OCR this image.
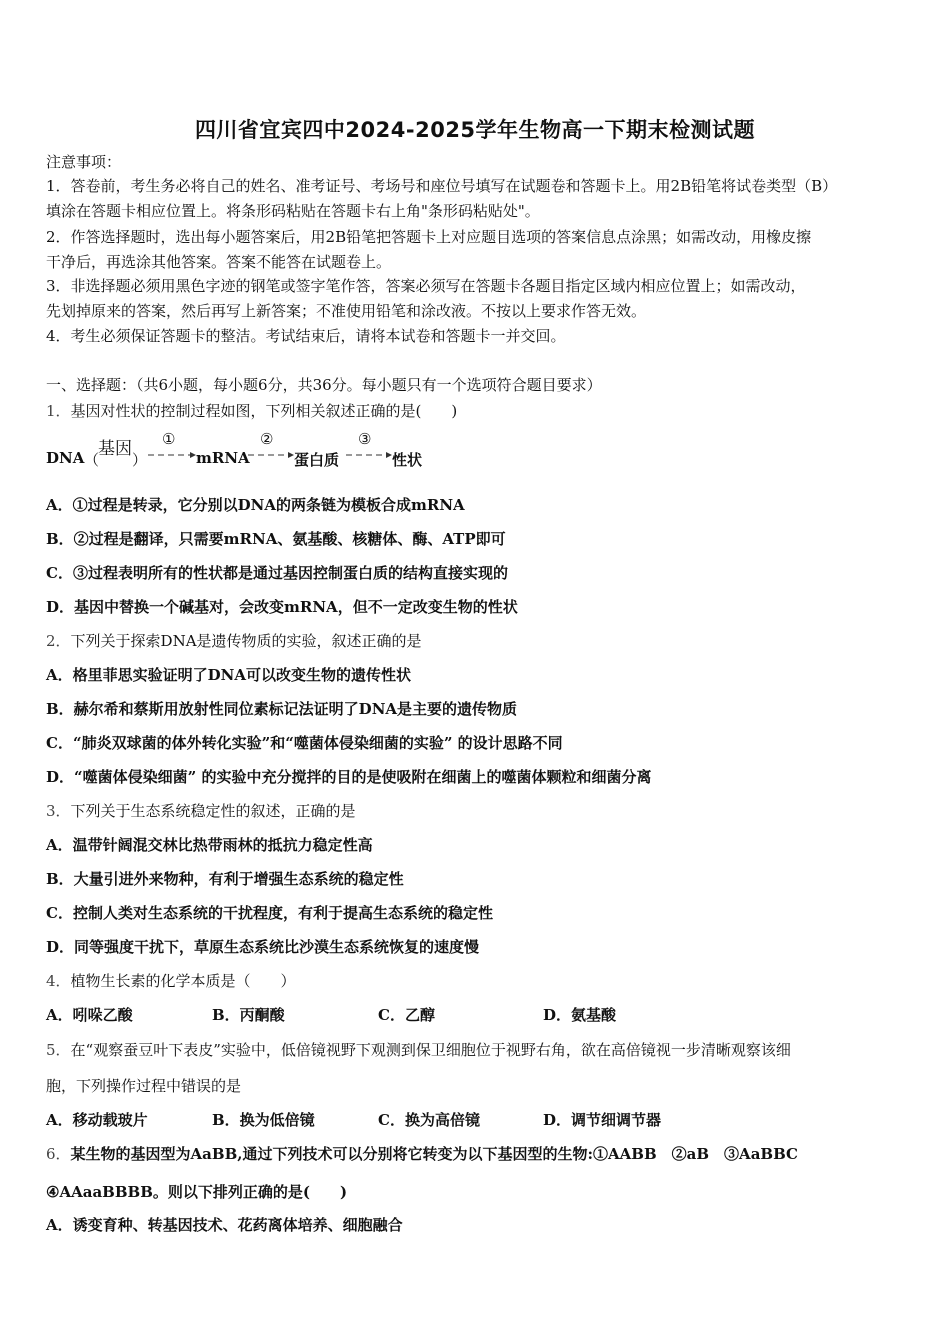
四川省宜宾四中2024-2025学年生物高一下期末检测试题
注意事项：
1．答卷前，考生务必将自己的姓名、准考证号、考场号和座位号填写在试题卷和答题卡上。用2B铅笔将试卷类型（B）
填涂在答题卡相应位置上。将条形码粘贴在答题卡右上角"条形码粘贴处"。
2．作答选择题时，选出每小题答案后，用2B铅笔把答题卡上对应题目选项的答案信息点涂黑；如需改动，用橡皮擦
干净后，再选涂其他答案。答案不能答在试题卷上。
3．非选择题必须用黑色字迹的钢笔或签字笔作答，答案必须写在答题卡各题目指定区域内相应位置上；如需改动，
先划掉原来的答案，然后再写上新答案；不准使用铅笔和涂改液。不按以上要求作答无效。
4．考生必须保证答题卡的整洁。考试结束后，请将本试卷和答题卡一并交回。
一、选择题：（共6小题，每小题6分，共36分。每小题只有一个选项符合题目要求）
1．基因对性状的控制过程如图，下列相关叙述正确的是(　　)
DNA （
基因
）
①
mRNA
②
蛋白质
③
性状
A．①过程是转录，它分别以DNA的两条链为模板合成mRNA
B．②过程是翻译，只需要mRNA、氨基酸、核糖体、酶、ATP即可
C．③过程表明所有的性状都是通过基因控制蛋白质的结构直接实现的
D．基因中替换一个碱基对，会改变mRNA，但不一定改变生物的性状
2．下列关于探索DNA是遗传物质的实验，叙述正确的是
A．格里菲思实验证明了DNA可以改变生物的遗传性状
B．赫尔希和蔡斯用放射性同位素标记法证明了DNA是主要的遗传物质
C．“肺炎双球菌的体外转化实验”和“噬菌体侵染细菌的实验” 的设计思路不同
D．“噬菌体侵染细菌” 的实验中充分搅拌的目的是使吸附在细菌上的噬菌体颗粒和细菌分离
3．下列关于生态系统稳定性的叙述，正确的是
A．温带针阔混交林比热带雨林的抵抗力稳定性高
B．大量引进外来物种，有利于增强生态系统的稳定性
C．控制人类对生态系统的干扰程度，有利于提高生态系统的稳定性
D．同等强度干扰下，草原生态系统比沙漠生态系统恢复的速度慢
4．植物生长素的化学本质是（　　）
A．吲哚乙酸	B．丙酮酸	C．乙醇	D．氨基酸
5．在“观察蚕豆叶下表皮”实验中，低倍镜视野下观测到保卫细胞位于视野右角，欲在高倍镜视一步清晰观察该细
胞，下列操作过程中错误的是
A．移动载玻片	B．换为低倍镜	C．换为高倍镜	D．调节细调节器
6．某生物的基因型为AaBB,通过下列技术可以分别将它转变为以下基因型的生物:①AABB　②aB　③AaBBC
④AAaaBBBB。则以下排列正确的是(　　)
A．诱变育种、转基因技术、花药离体培养、细胞融合
